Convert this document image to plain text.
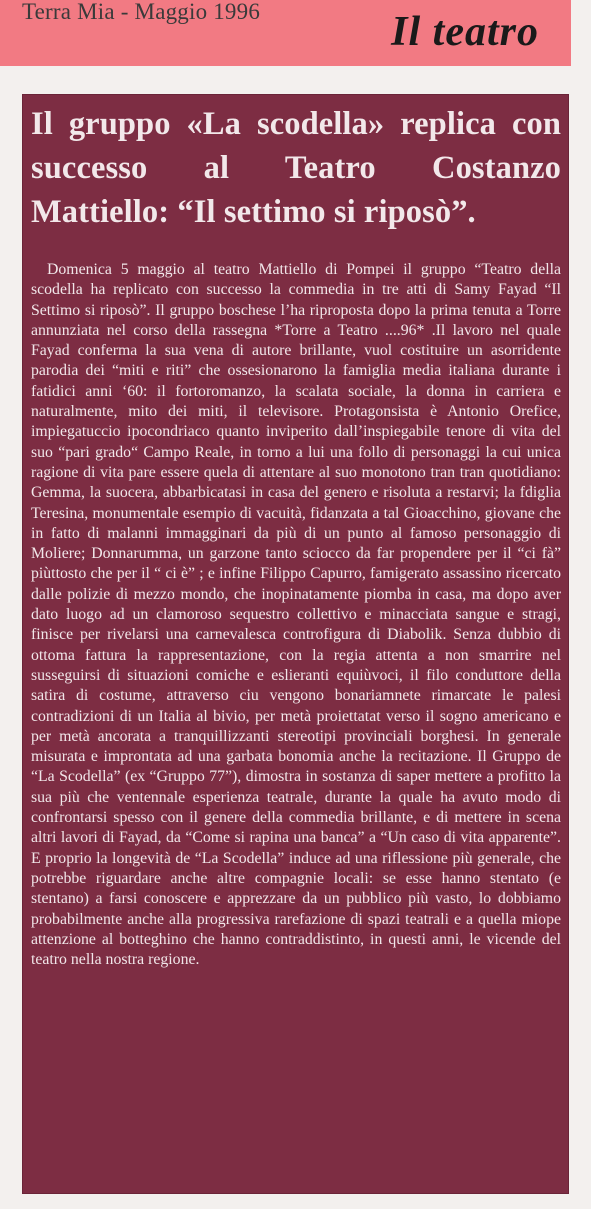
Terra Mia - Maggio 1996	Il teatro
Il gruppo «La scodella» replica con successo al Teatro Costanzo Mattiello: “Il settimo si riposò”.

Domenica 5 maggio al teatro Mattiello di Pompei il gruppo “Teatro della scodella ha replicato con successo la commedia in tre atti di Samy Fayad “Il Settimo si riposò”. Il gruppo boschese l’ha riproposta dopo la prima tenuta a Torre annunziata nel corso della rassegna *Torre a Teatro ....96* .Il lavoro nel quale Fayad conferma la sua vena di autore brillante, vuol costituire un asorridente parodia dei “miti e riti” che ossesionarono la famiglia media italiana durante i fatidici anni ‘60: il fortoromanzo, la scalata sociale, la donna in carriera e naturalmente, mito dei miti, il televisore. Protagonsista è Antonio Orefice, impiegatuccio ipocondriaco quanto inviperito dall’inspiegabile tenore di vita del suo “pari grado“ Campo Reale, in torno a lui una follo di personaggi la cui unica ragione di vita pare essere quela di attentare al suo monotono tran tran quotidiano: Gemma, la suocera, abbarbicatasi in casa del genero e risoluta a restarvi; la fdiglia Teresina, monumentale esempio di vacuità, fidanzata a tal Gioacchino, giovane che in fatto di malanni immagginari da più di un punto al famoso personaggio di Moliere; Donnarumma, un garzone tanto sciocco da far propendere per il “ci fà” piùttosto che per il “ ci è” ; e infine Filippo Capurro, famigerato assassino ricercato dalle polizie di mezzo mondo, che inopinatamente piomba in casa, ma dopo aver dato luogo ad un clamoroso sequestro collettivo e minacciata sangue e stragi, finisce per rivelarsi una carnevalesca controfigura di Diabolik. Senza dubbio di ottoma fattura la rappresentazione, con la regia attenta a non smarrire nel susseguirsi di situazioni comiche e eslieranti equiùvoci, il filo conduttore della satira di costume, attraverso ciu vengono bonariamnete rimarcate le palesi contradizioni di un Italia al bivio, per metà proiettatat verso il sogno americano e per metà ancorata a tranquillizzanti stereotipi provinciali borghesi. In generale misurata e improntata ad una garbata bonomia anche la recitazione. Il Gruppo de “La Scodella” (ex “Gruppo 77”), dimostra in sostanza di saper mettere a profitto la sua più che ventennale esperienza teatrale, durante la quale ha avuto modo di confrontarsi spesso con il genere della commedia brillante, e di mettere in scena altri lavori di Fayad, da “Come si rapina una banca” a “Un caso di vita apparente”. E proprio la longevità de “La Scodella” induce ad una riflessione più generale, che potrebbe riguardare anche altre compagnie locali: se esse hanno stentato (e stentano) a farsi conoscere e apprezzare da un pubblico più vasto, lo dobbiamo probabilmente anche alla progressiva rarefazione di spazi teatrali e a quella miope attenzione al botteghino che hanno contraddistinto, in questi anni, le vicende del teatro nella nostra regione.
